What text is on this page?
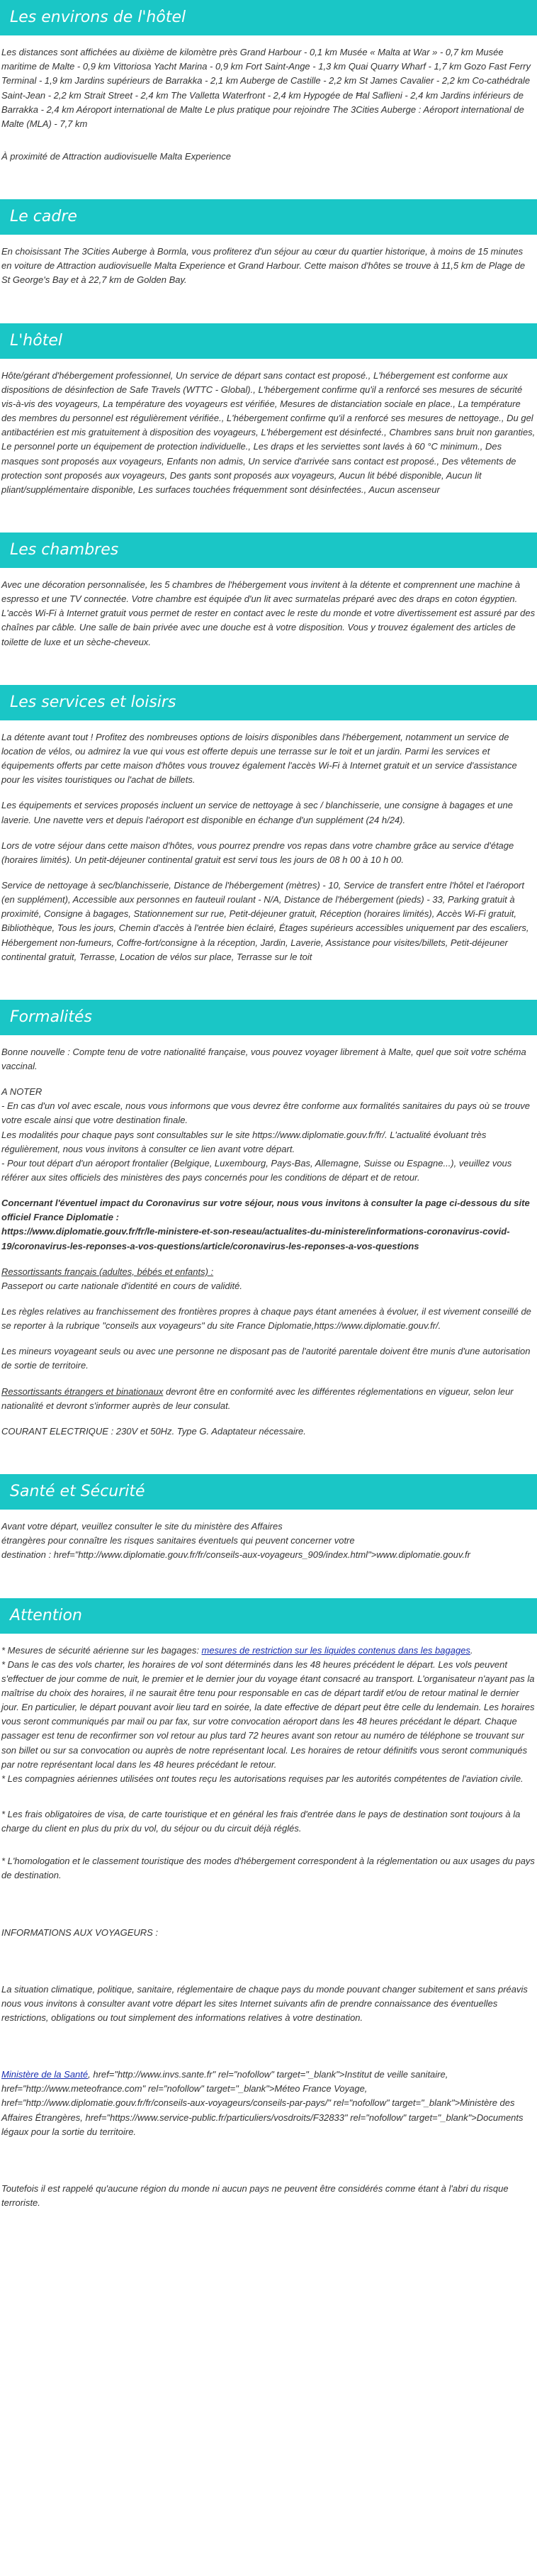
Les environs de l'hôtel

Les distances sont affichées au dixième de kilomètre près Grand Harbour - 0,1 km Musée « Malta at War » - 0,7 km Musée maritime de Malte - 0,9 km Vittoriosa Yacht Marina - 0,9 km Fort Saint-Ange - 1,3 km Quai Quarry Wharf - 1,7 km Gozo Fast Ferry Terminal - 1,9 km Jardins supérieurs de Barrakka - 2,1 km Auberge de Castille - 2,2 km St James Cavalier - 2,2 km Co-cathédrale Saint-Jean - 2,2 km Strait Street - 2,4 km The Valletta Waterfront - 2,4 km Hypogée de Ħal Saflieni - 2,4 km Jardins inférieurs de Barrakka - 2,4 km Aéroport international de Malte Le plus pratique pour rejoindre The 3Cities Auberge : Aéroport international de Malte (MLA) - 7,7 km

À proximité de Attraction audiovisuelle Malta Experience

Le cadre

En choisissant The 3Cities Auberge à Bormla, vous profiterez d'un séjour au cœur du quartier historique, à moins de 15 minutes en voiture de Attraction audiovisuelle Malta Experience et Grand Harbour. Cette maison d'hôtes se trouve à 11,5 km de Plage de St George's Bay et à 22,7 km de Golden Bay.

L'hôtel

Hôte/gérant d'hébergement professionnel, Un service de départ sans contact est proposé., L'hébergement est conforme aux dispositions de désinfection de Safe Travels (WTTC - Global)., L'hébergement confirme qu'il a renforcé ses mesures de sécurité vis-à-vis des voyageurs, La température des voyageurs est vérifiée, Mesures de distanciation sociale en place., La température des membres du personnel est régulièrement vérifiée., L'hébergement confirme qu'il a renforcé ses mesures de nettoyage., Du gel antibactérien est mis gratuitement à disposition des voyageurs, L'hébergement est désinfecté., Chambres sans bruit non garanties, Le personnel porte un équipement de protection individuelle., Les draps et les serviettes sont lavés à 60 °C minimum., Des masques sont proposés aux voyageurs, Enfants non admis, Un service d'arrivée sans contact est proposé., Des vêtements de protection sont proposés aux voyageurs, Des gants sont proposés aux voyageurs, Aucun lit bébé disponible, Aucun lit pliant/supplémentaire disponible, Les surfaces touchées fréquemment sont désinfectées., Aucun ascenseur

Les chambres

Avec une décoration personnalisée, les 5 chambres de l'hébergement vous invitent à la détente et comprennent une machine à espresso et une TV connectée. Votre chambre est équipée d'un lit avec surmatelas préparé avec des draps en coton égyptien. L'accès Wi-Fi à Internet gratuit vous permet de rester en contact avec le reste du monde et votre divertissement est assuré par des chaînes par câble. Une salle de bain privée avec une douche est à votre disposition. Vous y trouvez également des articles de toilette de luxe et un sèche-cheveux.

Les services et loisirs

La détente avant tout ! Profitez des nombreuses options de loisirs disponibles dans l'hébergement, notamment un service de location de vélos, ou admirez la vue qui vous est offerte depuis une terrasse sur le toit et un jardin. Parmi les services et équipements offerts par cette maison d'hôtes vous trouvez également l'accès Wi-Fi à Internet gratuit et un service d'assistance pour les visites touristiques ou l'achat de billets.

Les équipements et services proposés incluent un service de nettoyage à sec / blanchisserie, une consigne à bagages et une laverie. Une navette vers et depuis l'aéroport est disponible en échange d'un supplément (24 h/24).

Lors de votre séjour dans cette maison d'hôtes, vous pourrez prendre vos repas dans votre chambre grâce au service d'étage (horaires limités). Un petit-déjeuner continental gratuit est servi tous les jours de 08 h 00 à 10 h 00.

Service de nettoyage à sec/blanchisserie, Distance de l'hébergement (mètres) - 10, Service de transfert entre l'hôtel et l'aéroport (en supplément), Accessible aux personnes en fauteuil roulant - N/A, Distance de l'hébergement (pieds) - 33, Parking gratuit à proximité, Consigne à bagages, Stationnement sur rue, Petit-déjeuner gratuit, Réception (horaires limités), Accès Wi-Fi gratuit, Bibliothèque, Tous les jours, Chemin d'accès à l'entrée bien éclairé, Étages supérieurs accessibles uniquement par des escaliers, Hébergement non-fumeurs, Coffre-fort/consigne à la réception, Jardin, Laverie, Assistance pour visites/billets, Petit-déjeuner continental gratuit, Terrasse, Location de vélos sur place, Terrasse sur le toit

Formalités

Bonne nouvelle : Compte tenu de votre nationalité française, vous pouvez voyager librement à Malte, quel que soit votre schéma vaccinal.

A NOTER
- En cas d'un vol avec escale, nous vous informons que vous devrez être conforme aux formalités sanitaires du pays où se trouve votre escale ainsi que votre destination finale.
Les modalités pour chaque pays sont consultables sur le site https://www.diplomatie.gouv.fr/fr/. L'actualité évoluant très régulièrement, nous vous invitons à consulter ce lien avant votre départ.
- Pour tout départ d'un aéroport frontalier (Belgique, Luxembourg, Pays-Bas, Allemagne, Suisse ou Espagne...), veuillez vous référer aux sites officiels des ministères des pays concernés pour les conditions de départ et de retour.

Concernant l'éventuel impact du Coronavirus sur votre séjour, nous vous invitons à consulter la page ci-dessous du site officiel France Diplomatie :
https://www.diplomatie.gouv.fr/fr/le-ministere-et-son-reseau/actualites-du-ministere/informations-coronavirus-covid-19/coronavirus-les-reponses-a-vos-questions/article/coronavirus-les-reponses-a-vos-questions

Ressortissants français (adultes, bébés et enfants) :
Passeport ou carte nationale d'identité en cours de validité.

Les règles relatives au franchissement des frontières propres à chaque pays étant amenées à évoluer, il est vivement conseillé de se reporter à la rubrique "conseils aux voyageurs" du site France Diplomatie,https://www.diplomatie.gouv.fr/.

Les mineurs voyageant seuls ou avec une personne ne disposant pas de l'autorité parentale doivent être munis d'une autorisation de sortie de territoire.

Ressortissants étrangers et binationaux devront être en conformité avec les différentes réglementations en vigueur, selon leur nationalité et devront s'informer auprès de leur consulat.

COURANT ELECTRIQUE : 230V et 50Hz. Type G. Adaptateur nécessaire.

Santé et Sécurité

Avant votre départ, veuillez consulter le site du ministère des Affaires
étrangères pour connaître les risques sanitaires éventuels qui peuvent concerner votre
destination : href="http://www.diplomatie.gouv.fr/fr/conseils-aux-voyageurs_909/index.html">www.diplomatie.gouv.fr

Attention

* Mesures de sécurité aérienne sur les bagages: mesures de restriction sur les liquides contenus dans les bagages.
* Dans le cas des vols charter, les horaires de vol sont déterminés dans les 48 heures précédent le départ. Les vols peuvent s'effectuer de jour comme de nuit, le premier et le dernier jour du voyage étant consacré au transport. L'organisateur n'ayant pas la maîtrise du choix des horaires, il ne saurait être tenu pour responsable en cas de départ tardif et/ou de retour matinal le dernier jour. En particulier, le départ pouvant avoir lieu tard en soirée, la date effective de départ peut être celle du lendemain. Les horaires vous seront communiqués par mail ou par fax, sur votre convocation aéroport dans les 48 heures précédant le départ. Chaque passager est tenu de reconfirmer son vol retour au plus tard 72 heures avant son retour au numéro de téléphone se trouvant sur son billet ou sur sa convocation ou auprès de notre représentant local. Les horaires de retour définitifs vous seront communiqués par notre représentant local dans les 48 heures précédant le retour.
* Les compagnies aériennes utilisées ont toutes reçu les autorisations requises par les autorités compétentes de l'aviation civile.

* Les frais obligatoires de visa, de carte touristique et en général les frais d'entrée dans le pays de destination sont toujours à la charge du client en plus du prix du vol, du séjour ou du circuit déjà réglés.

* L'homologation et le classement touristique des modes d'hébergement correspondent à la réglementation ou aux usages du pays de destination.

INFORMATIONS AUX VOYAGEURS :

La situation climatique, politique, sanitaire, réglementaire de chaque pays du monde pouvant changer subitement et sans préavis nous vous invitons à consulter avant votre départ les sites Internet suivants afin de prendre connaissance des éventuelles restrictions, obligations ou tout simplement des informations relatives à votre destination.

Ministère de la Santé, href="http://www.invs.sante.fr" rel="nofollow" target="_blank">Institut de veille sanitaire, href="http://www.meteofrance.com" rel="nofollow" target="_blank">Méteo France Voyage, href="http://www.diplomatie.gouv.fr/fr/conseils-aux-voyageurs/conseils-par-pays/" rel="nofollow" target="_blank">Ministère des Affaires Étrangères, href="https://www.service-public.fr/particuliers/vosdroits/F32833" rel="nofollow" target="_blank">Documents légaux pour la sortie du territoire.

Toutefois il est rappelé qu'aucune région du monde ni aucun pays ne peuvent être considérés comme étant à l'abri du risque terroriste.
